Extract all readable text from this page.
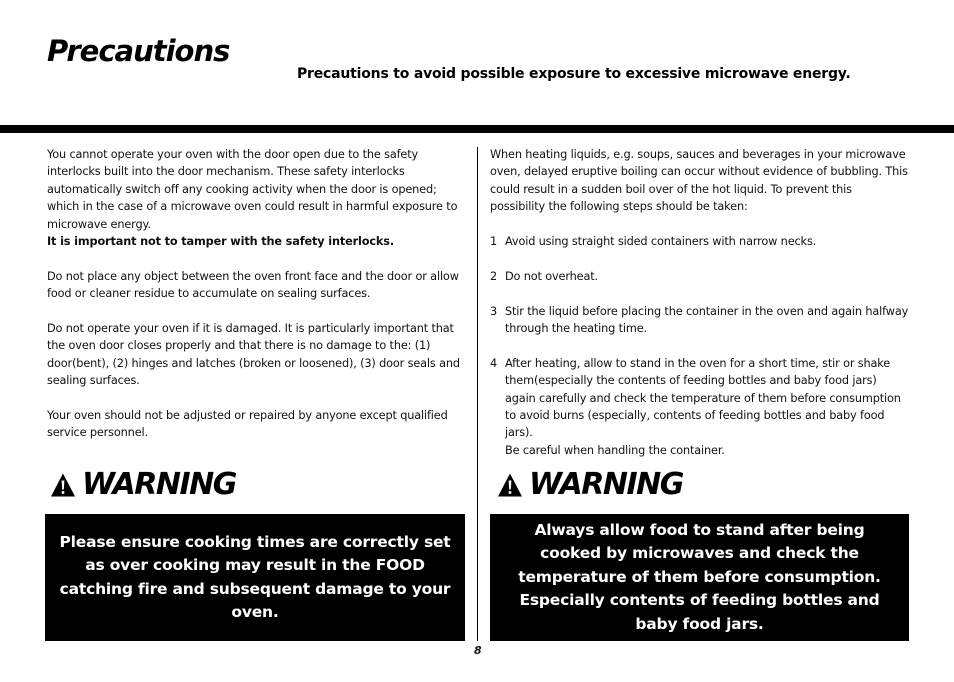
Precautions
Precautions to avoid possible exposure to excessive microwave energy.

You cannot operate your oven with the door open due to the safety interlocks built into the door mechanism. These safety interlocks automatically switch off any cooking activity when the door is opened; which in the case of a microwave oven could result in harmful exposure to microwave energy.

It is important not to tamper with the safety interlocks.

Do not place any object between the oven front face and the door or allow food or cleaner residue to accumulate on sealing surfaces.

Do not operate your oven if it is damaged. It is particularly important that the oven door closes properly and that there is no damage to the: (1) door(bent), (2) hinges and latches (broken or loosened), (3) door seals and sealing surfaces.

Your oven should not be adjusted or repaired by anyone except qualified service personnel.

When heating liquids, e.g. soups, sauces and beverages in your microwave oven, delayed eruptive boiling can occur without evidence of bubbling. This could result in a sudden boil over of the hot liquid. To prevent this possibility the following steps should be taken:

1 Avoid using straight sided containers with narrow necks.
2 Do not overheat.
3 Stir the liquid before placing the container in the oven and again halfway through the heating time.
4 After heating, allow to stand in the oven for a short time, stir or shake them(especially the contents of feeding bottles and baby food jars) again carefully and check the temperature of them before consumption to avoid burns (especially, contents of feeding bottles and baby food jars).
Be careful when handling the container.
WARNING	WARNING
Please ensure cooking times are correctly set as over cooking may result in the FOOD catching fire and subsequent damage to your oven.
Always allow food to stand after being cooked by microwaves and check the temperature of them before consumption. Especially contents of feeding bottles and baby food jars.
8
